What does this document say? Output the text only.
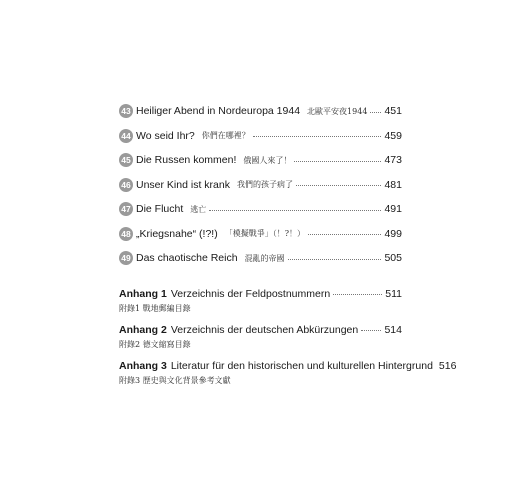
43 Heiliger Abend in Nordeuropa 1944 北歐平安夜1944 451
44 Wo seid Ihr? 你們在哪裡？	459
45 Die Russen kommen! 俄國人來了！	473
46 Unser Kind ist krank 我們的孩子病了	481
47 Die Flucht 逃亡	491
48 „Kriegsnahe“ (!?!) 「模擬戰爭」（！?！）	499
49 Das chaotische Reich 混亂的帝國	505
Anhang 1 Verzeichnis der Feldpostnummern	511
附錄1 戰地郵編目錄
Anhang 2 Verzeichnis der deutschen Abkürzungen	514
附錄2 德文縮寫目錄
Anhang 3 Literatur für den historischen und kulturellen Hintergrund 516
附錄3 歷史與文化背景參考文獻
